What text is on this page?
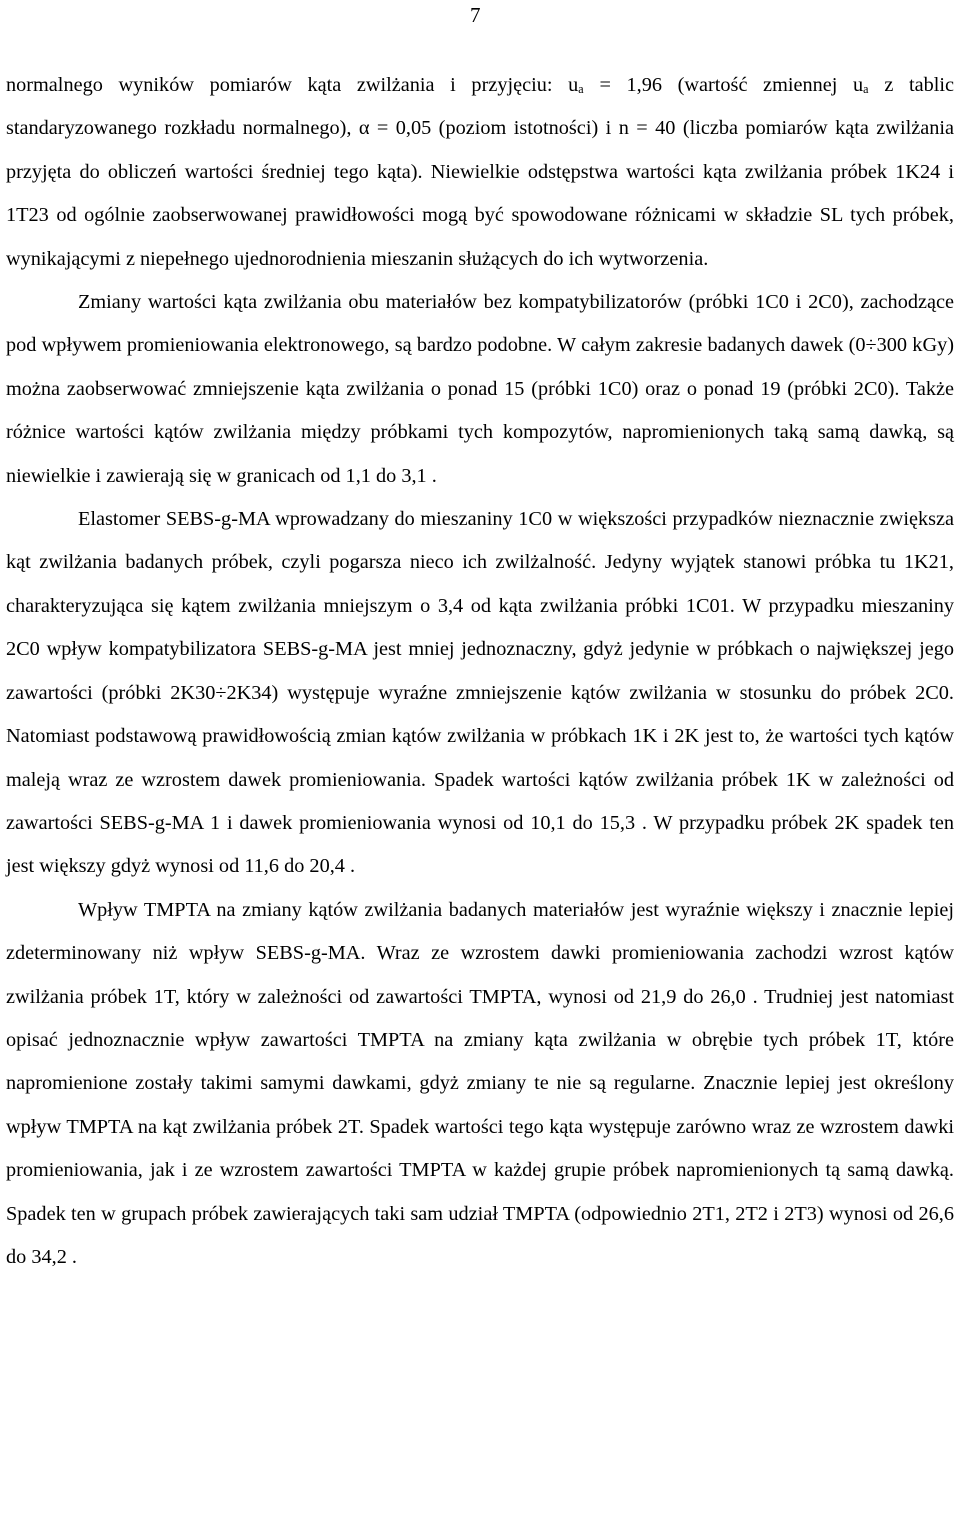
7

normalnego wyników pomiarów kąta zwilżania i przyjęciu: uₐ = 1,96 (wartość zmiennej uₐ z tablic standaryzowanego rozkładu normalnego), α = 0,05 (poziom istotności) i n = 40 (liczba pomiarów kąta zwilżania przyjęta do obliczeń wartości średniej tego kąta). Niewielkie odstępstwa wartości kąta zwilżania próbek 1K24 i 1T23 od ogólnie zaobserwowanej prawidłowości mogą być spowodowane różnicami w składzie SL tych próbek, wynikającymi z niepełnego ujednorodnienia mieszanin służących do ich wytworzenia.

Zmiany wartości kąta zwilżania obu materiałów bez kompatybilizatorów (próbki 1C0 i 2C0), zachodzące pod wpływem promieniowania elektronowego, są bardzo podobne. W całym zakresie badanych dawek (0÷300 kGy) można zaobserwować zmniejszenie kąta zwilżania o ponad 15 (próbki 1C0) oraz o ponad 19 (próbki 2C0). Także różnice wartości kątów zwilżania między próbkami tych kompozytów, napromienionych taką samą dawką, są niewielkie i zawierają się w granicach od 1,1 do 3,1 .

Elastomer SEBS-g-MA wprowadzany do mieszaniny 1C0 w większości przypadków nieznacznie zwiększa kąt zwilżania badanych próbek, czyli pogarsza nieco ich zwilżalność. Jedyny wyjątek stanowi próbka tu 1K21, charakteryzująca się kątem zwilżania mniejszym o 3,4 od kąta zwilżania próbki 1C01. W przypadku mieszaniny 2C0 wpływ kompatybilizatora SEBS-g-MA jest mniej jednoznaczny, gdyż jedynie w próbkach o największej jego zawartości (próbki 2K30÷2K34) występuje wyraźne zmniejszenie kątów zwilżania w stosunku do próbek 2C0. Natomiast podstawową prawidłowością zmian kątów zwilżania w próbkach 1K i 2K jest to, że wartości tych kątów maleją wraz ze wzrostem dawek promieniowania. Spadek wartości kątów zwilżania próbek 1K w zależności od zawartości SEBS-g-MA 1 i dawek promieniowania wynosi od 10,1 do 15,3 . W przypadku próbek 2K spadek ten jest większy gdyż wynosi od 11,6 do 20,4 .

Wpływ TMPTA na zmiany kątów zwilżania badanych materiałów jest wyraźnie większy i znacznie lepiej zdeterminowany niż wpływ SEBS-g-MA. Wraz ze wzrostem dawki promieniowania zachodzi wzrost kątów zwilżania próbek 1T, który w zależności od zawartości TMPTA, wynosi od 21,9 do 26,0 . Trudniej jest natomiast opisać jednoznacznie wpływ zawartości TMPTA na zmiany kąta zwilżania w obrębie tych próbek 1T, które napromienione zostały takimi samymi dawkami, gdyż zmiany te nie są regularne. Znacznie lepiej jest określony wpływ TMPTA na kąt zwilżania próbek 2T. Spadek wartości tego kąta występuje zarówno wraz ze wzrostem dawki promieniowania, jak i ze wzrostem zawartości TMPTA w każdej grupie próbek napromienionych tą samą dawką. Spadek ten w grupach próbek zawierających taki sam udział TMPTA (odpowiednio 2T1, 2T2 i 2T3) wynosi od 26,6 do 34,2 .
